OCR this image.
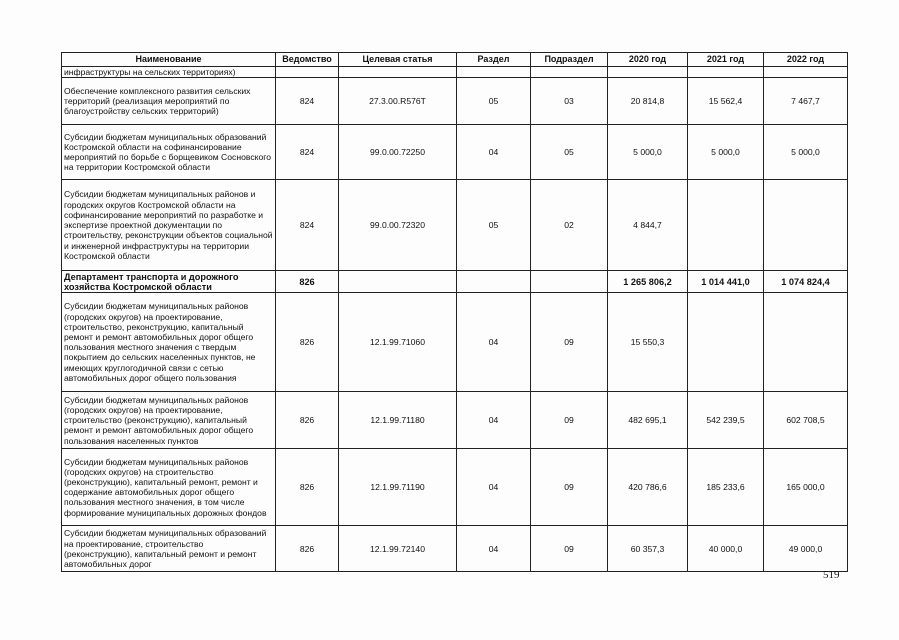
Наименование	Ведомство	Целевая статья	Раздел	Подраздел	2020 год	2021 год	2022 год
инфраструктуры на сельских территориях)							
Обеспечение комплексного развития сельских территорий (реализация мероприятий по благоустройству сельских территорий)	824	27.3.00.R576Т	05	03	20 814,8	15 562,4	7 467,7
Субсидии бюджетам муниципальных образований Костромской области на софинансирование мероприятий по борьбе с борщевиком Сосновского на территории Костромской области	824	99.0.00.72250	04	05	5 000,0	5 000,0	5 000,0
Субсидии бюджетам муниципальных районов и городских округов Костромской области на софинансирование мероприятий по разработке и экспертизе проектной документации по строительству, реконструкции объектов социальной и инженерной инфраструктуры на территории Костромской области	824	99.0.00.72320	05	02	4 844,7		
Департамент транспорта и дорожного хозяйства Костромской области	826				1 265 806,2	1 014 441,0	1 074 824,4
Субсидии бюджетам муниципальных районов (городских округов) на проектирование, строительство, реконструкцию, капитальный ремонт и ремонт автомобильных дорог общего пользования местного значения с твердым покрытием до сельских населенных пунктов, не имеющих круглогодичной связи с сетью автомобильных дорог общего пользования	826	12.1.99.71060	04	09	15 550,3		
Субсидии бюджетам муниципальных районов (городских округов) на проектирование, строительство (реконструкцию), капитальный ремонт и ремонт автомобильных дорог общего пользования населенных пунктов	826	12.1.99.71180	04	09	482 695,1	542 239,5	602 708,5
Субсидии бюджетам муниципальных районов (городских округов) на строительство (реконструкцию), капитальный ремонт, ремонт и содержание автомобильных дорог общего пользования местного значения, в том числе формирование муниципальных дорожных фондов	826	12.1.99.71190	04	09	420 786,6	185 233,6	165 000,0
Субсидии бюджетам муниципальных образований на проектирование, строительство (реконструкцию), капитальный ремонт и ремонт автомобильных дорог	826	12.1.99.72140	04	09	60 357,3	40 000,0	49 000,0
519
